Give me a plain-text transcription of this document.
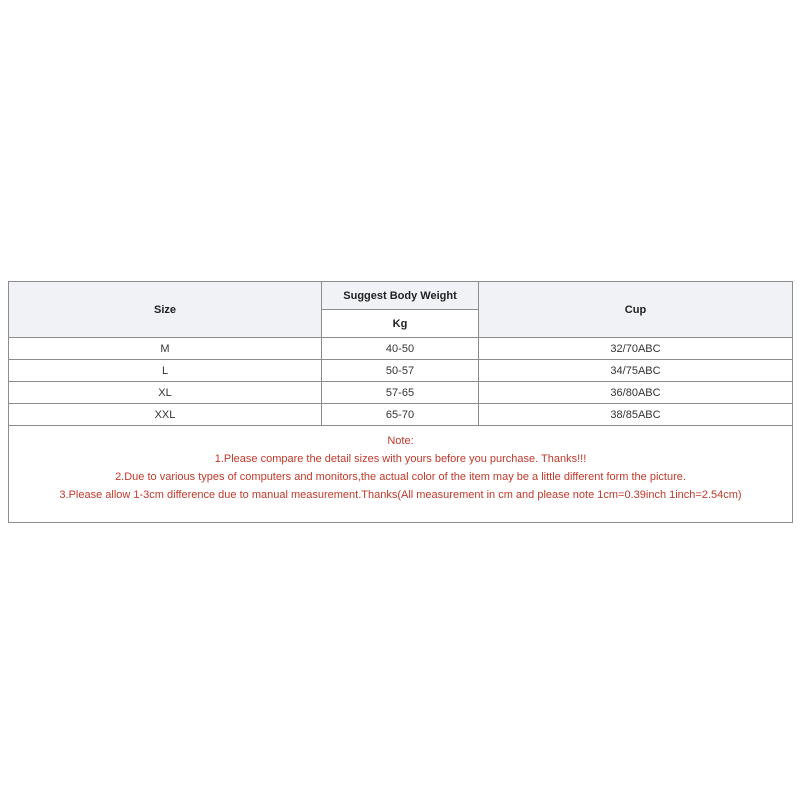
Size	Suggest Body Weight	Cup
	Kg	
M	40-50	32/70ABC
L	50-57	34/75ABC
XL	57-65	36/80ABC
XXL	65-70	38/85ABC

Note:
1.Please compare the detail sizes with yours before you purchase. Thanks!!!
2.Due to various types of computers and monitors,the actual color of the item may be a little different form the picture.
3.Please allow 1-3cm difference due to manual measurement.Thanks(All measurement in cm and please note 1cm=0.39inch 1inch=2.54cm)		
